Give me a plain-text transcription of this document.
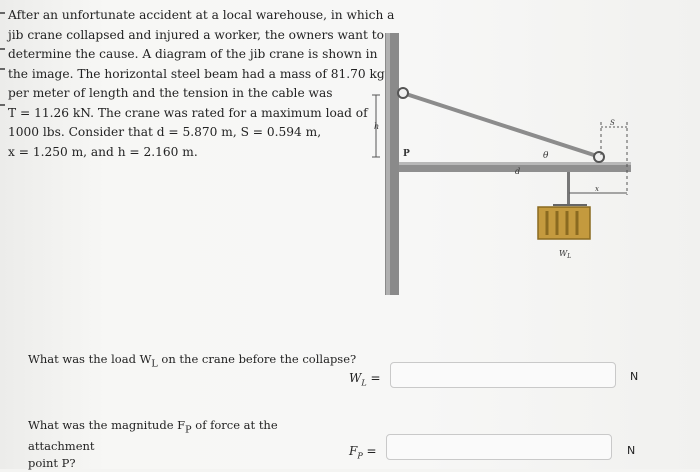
After an unfortunate accident at a local warehouse, in which a

jib crane collapsed and injured a worker, the owners want to

determine the cause. A diagram of the jib crane is shown in

the image. The horizontal steel beam had a mass of 81.70 kg

per meter of length and the tension in the cable was

T = 11.26 kN. The crane was rated for a maximum load of

1000 lbs. Consider that d = 5.870 m, S = 0.594 m,

x = 1.250 m, and h = 2.160 m.

h
P
d
θ
S
x
$W_L$
What was the load $W_L$ on the crane before the collapse?
$W_L$ =	N
What was the magnitude $F_P$ of force at the attachment
point P?
$F_P$ =	N
